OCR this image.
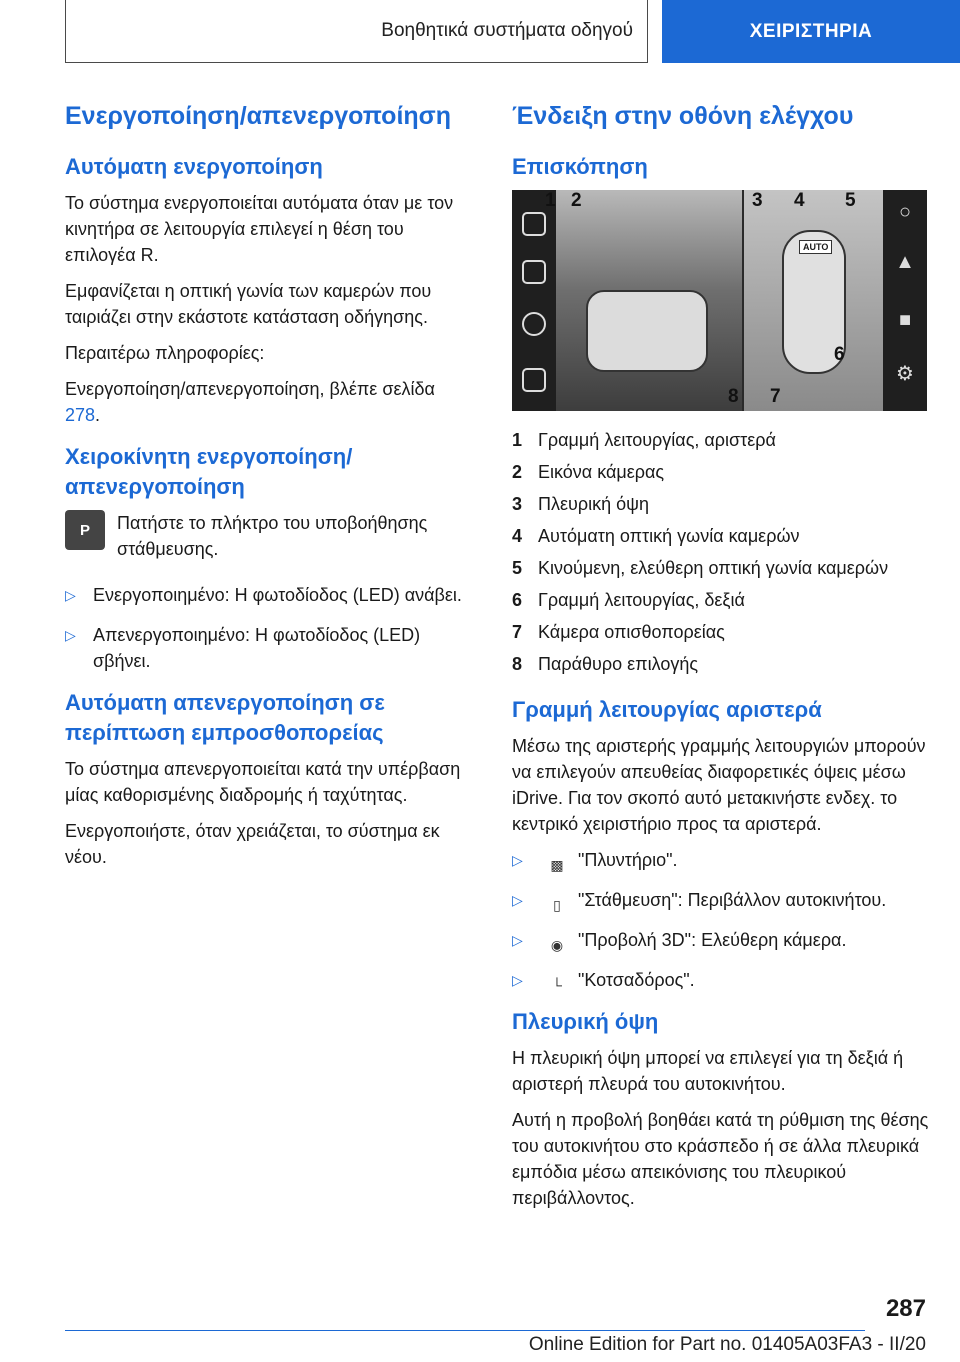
Βοηθητικά συστήματα οδηγού	ΧΕΙΡΙΣΤΗΡΙΑ
Ενεργοποίηση/απενεργοποίηση
Αυτόματη ενεργοποίηση

Το σύστημα ενεργοποιείται αυτόματα όταν με τον κινητήρα σε λειτουργία επιλεγεί η θέση του επιλογέα R.

Εμφανίζεται η οπτική γωνία των καμερών που ταιριάζει στην εκάστοτε κατάσταση οδήγησης.

Περαιτέρω πληροφορίες:

Ενεργοποίηση/απενεργοποίηση, βλέπε σελίδα 278.

Χειροκίνητη ενεργοποίηση/απενεργοποίηση
P Πατήστε το πλήκτρο του υποβοήθησης στάθμευσης.
▷ Ενεργοποιημένο: Η φωτοδίοδος (LED) ανάβει.
▷ Απενεργοποιημένο: Η φωτοδίοδος (LED) σβήνει.
Αυτόματη απενεργοποίηση σε περίπτωση εμπροσθοπορείας

Το σύστημα απενεργοποιείται κατά την υπέρβαση μίας καθορισμένης διαδρομής ή ταχύτητας.

Ενεργοποιήστε, όταν χρειάζεται, το σύστημα εκ νέου.

Ένδειξη στην οθόνη ελέγχου
Επισκόπηση
AUTO
○
▲
■
⚙
1 2	3 4 5
6
7
8
1 Γραμμή λειτουργίας, αριστερά
2 Εικόνα κάμερας
3 Πλευρική όψη
4 Αυτόματη οπτική γωνία καμερών
5 Κινούμενη, ελεύθερη οπτική γωνία καμερών
6 Γραμμή λειτουργίας, δεξιά
7 Κάμερα οπισθοπορείας
8 Παράθυρο επιλογής
Γραμμή λειτουργίας αριστερά

Μέσω της αριστερής γραμμής λειτουργιών μπορούν να επιλεγούν απευθείας διαφορετικές όψεις μέσω iDrive. Για τον σκοπό αυτό μετακινήστε ενδεχ. το κεντρικό χειριστήριο προς τα αριστερά.

▷ ▩ "Πλυντήριο".
▷ ▯ "Στάθμευση": Περιβάλλον αυτοκινήτου.
▷ ◉ "Προβολή 3D": Ελεύθερη κάμερα.
▷ └ "Κοτσαδόρος".
Πλευρική όψη

Η πλευρική όψη μπορεί να επιλεγεί για τη δεξιά ή αριστερή πλευρά του αυτοκινήτου.

Αυτή η προβολή βοηθάει κατά τη ρύθμιση της θέσης του αυτοκινήτου στο κράσπεδο ή σε άλλα πλευρικά εμπόδια μέσω απεικόνισης του πλευρικού περιβάλλοντος.

287
Online Edition for Part no. 01405A03FA3 - II/20
